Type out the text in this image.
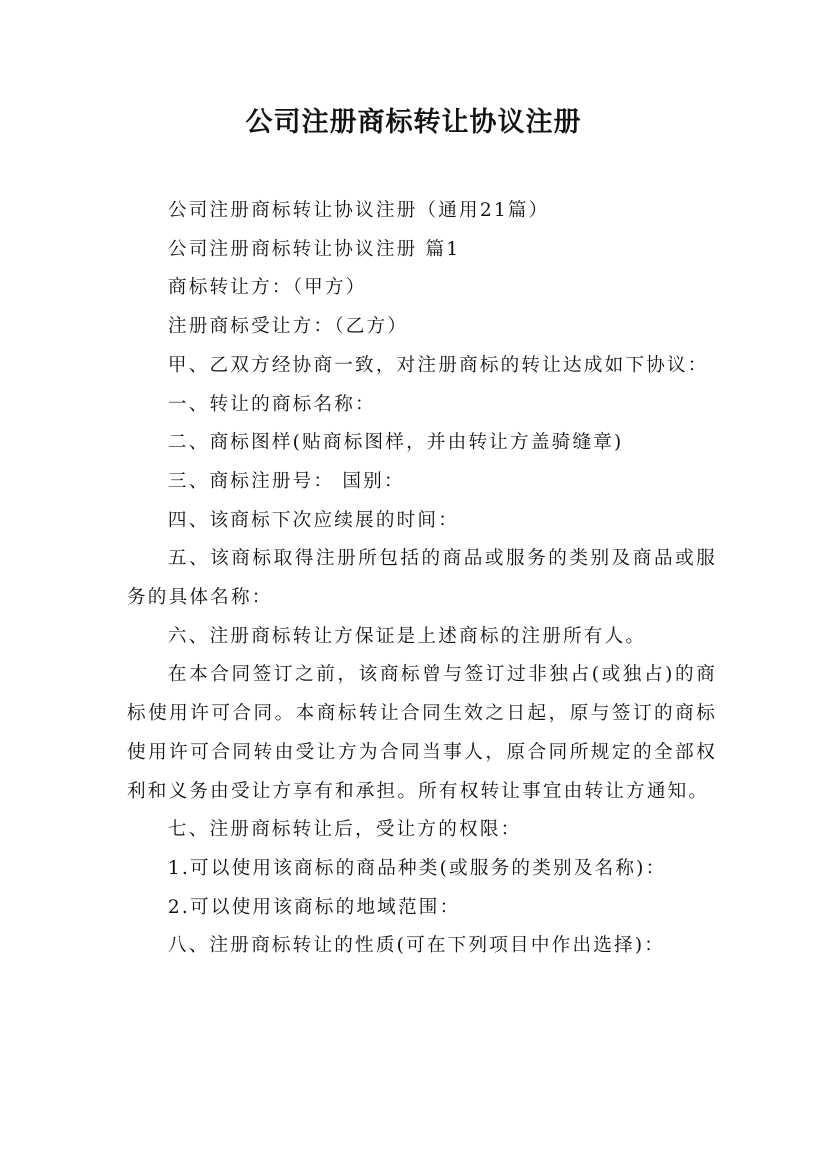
公司注册商标转让协议注册

公司注册商标转让协议注册（通用21篇）

公司注册商标转让协议注册 篇1

商标转让方：（甲方）

注册商标受让方：（乙方）

甲、乙双方经协商一致，对注册商标的转让达成如下协议：

一、转让的商标名称：

二、商标图样(贴商标图样，并由转让方盖骑缝章)

三、商标注册号： 国别：

四、该商标下次应续展的时间：

五、该商标取得注册所包括的商品或服务的类别及商品或服务的具体名称：

六、注册商标转让方保证是上述商标的注册所有人。

在本合同签订之前，该商标曾与签订过非独占(或独占)的商标使用许可合同。本商标转让合同生效之日起，原与签订的商标使用许可合同转由受让方为合同当事人，原合同所规定的全部权利和义务由受让方享有和承担。所有权转让事宜由转让方通知。

七、注册商标转让后，受让方的权限：

1.可以使用该商标的商品种类(或服务的类别及名称)：

2.可以使用该商标的地域范围：

八、注册商标转让的性质(可在下列项目中作出选择)：
